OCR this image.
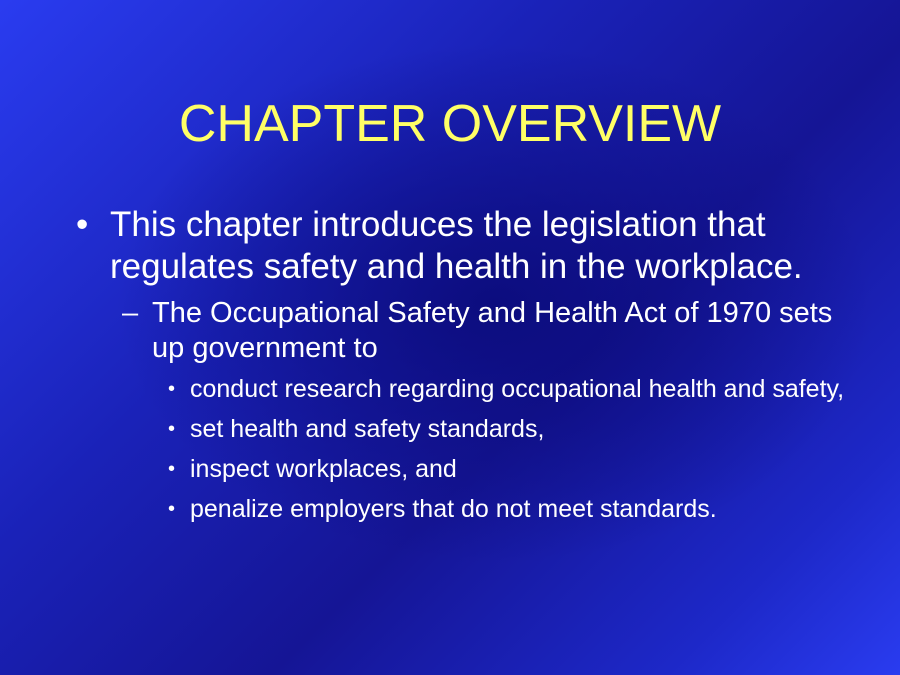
CHAPTER OVERVIEW
• This chapter introduces the legislation that regulates safety and health in the workplace.
– The Occupational Safety and Health Act of 1970 sets up government to
• conduct research regarding occupational health and safety,
• set health and safety standards,
• inspect workplaces, and
• penalize employers that do not meet standards.
